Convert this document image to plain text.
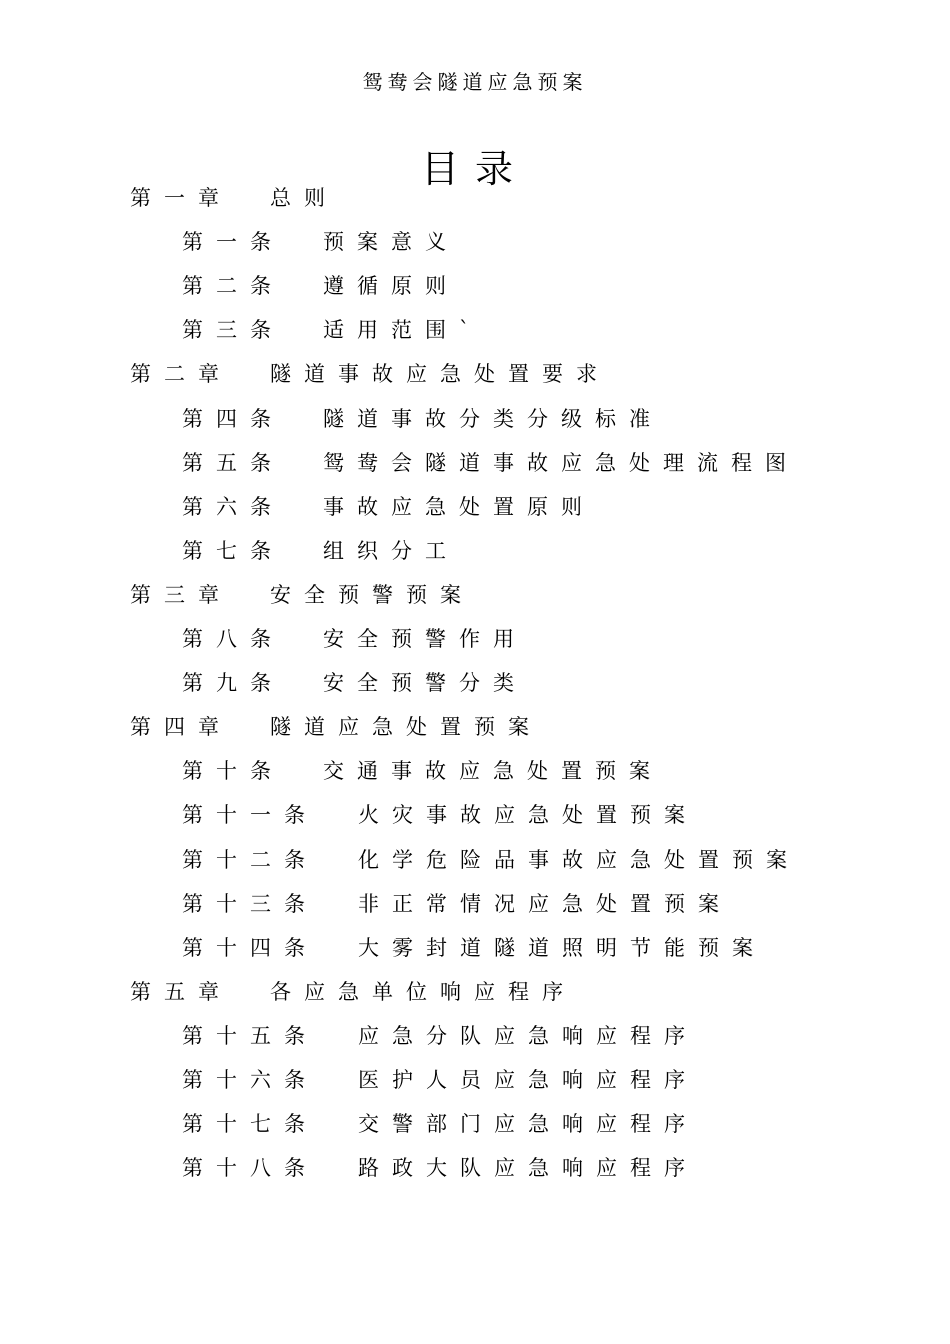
鸳鸯会隧道应急预案
目录
第一章 总则
第一条 预案意义
第二条 遵循原则
第三条 适用范围`
第二章 隧道事故应急处置要求
第四条 隧道事故分类分级标准
第五条 鸳鸯会隧道事故应急处理流程图
第六条 事故应急处置原则
第七条 组织分工
第三章 安全预警预案
第八条 安全预警作用
第九条 安全预警分类
第四章 隧道应急处置预案
第十条 交通事故应急处置预案
第十一条 火灾事故应急处置预案
第十二条 化学危险品事故应急处置预案
第十三条 非正常情况应急处置预案
第十四条 大雾封道隧道照明节能预案
第五章 各应急单位响应程序
第十五条 应急分队应急响应程序
第十六条 医护人员应急响应程序
第十七条 交警部门应急响应程序
第十八条 路政大队应急响应程序
